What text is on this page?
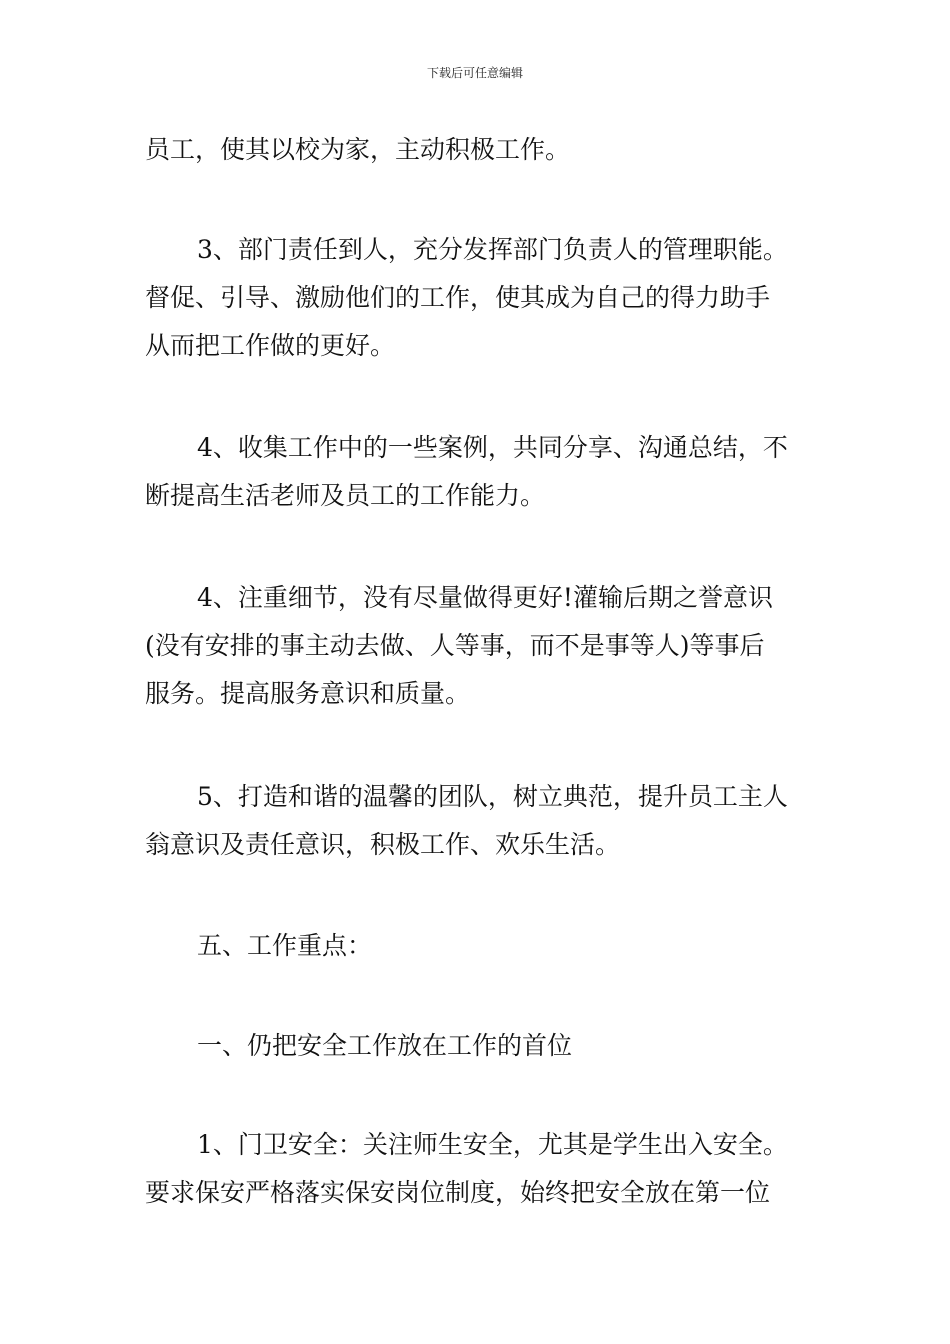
下载后可任意编辑
员工，使其以校为家，主动积极工作。
3、部门责任到人，充分发挥部门负责人的管理职能。
督促、引导、激励他们的工作，使其成为自己的得力助手
从而把工作做的更好。
4、收集工作中的一些案例，共同分享、沟通总结，不
断提高生活老师及员工的工作能力。
4、注重细节，没有尽量做得更好!灌输后期之誉意识
(没有安排的事主动去做、人等事，而不是事等人)等事后
服务。提高服务意识和质量。
5、打造和谐的温馨的团队，树立典范，提升员工主人
翁意识及责任意识，积极工作、欢乐生活。
五、工作重点：
一、仍把安全工作放在工作的首位
1、门卫安全：关注师生安全，尤其是学生出入安全。
要求保安严格落实保安岗位制度，始终把安全放在第一位
